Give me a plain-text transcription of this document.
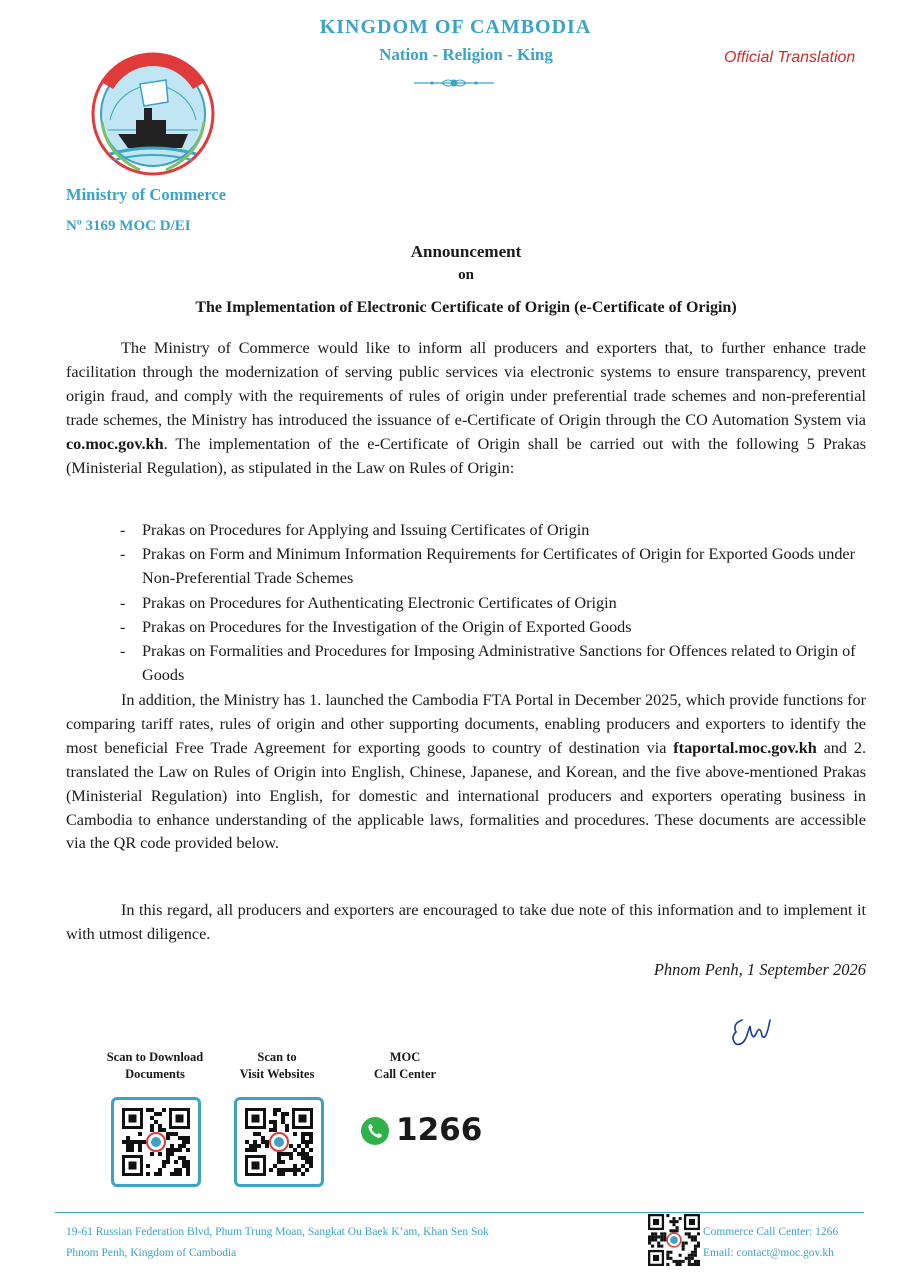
KINGDOM OF CAMBODIA
Nation - Religion - King	Official Translation
Ministry of Commerce
Nº 3169 MOC D/EI
Announcement
on
The Implementation of Electronic Certificate of Origin (e-Certificate of Origin)
The Ministry of Commerce would like to inform all producers and exporters that, to further enhance trade facilitation through the modernization of serving public services via electronic systems to ensure transparency, prevent origin fraud, and comply with the requirements of rules of origin under preferential trade schemes and non-preferential trade schemes, the Ministry has introduced the issuance of e-Certificate of Origin through the CO Automation System via co.moc.gov.kh. The implementation of the e-Certificate of Origin shall be carried out with the following 5 Prakas (Ministerial Regulation), as stipulated in the Law on Rules of Origin:
- Prakas on Procedures for Applying and Issuing Certificates of Origin
- Prakas on Form and Minimum Information Requirements for Certificates of Origin for Exported Goods under Non-Preferential Trade Schemes
- Prakas on Procedures for Authenticating Electronic Certificates of Origin
- Prakas on Procedures for the Investigation of the Origin of Exported Goods
- Prakas on Formalities and Procedures for Imposing Administrative Sanctions for Offences related to Origin of Goods
In addition, the Ministry has 1. launched the Cambodia FTA Portal in December 2025, which provide functions for comparing tariff rates, rules of origin and other supporting documents, enabling producers and exporters to identify the most beneficial Free Trade Agreement for exporting goods to country of destination via ftaportal.moc.gov.kh and 2. translated the Law on Rules of Origin into English, Chinese, Japanese, and Korean, and the five above-mentioned Prakas (Ministerial Regulation) into English, for domestic and international producers and exporters operating business in Cambodia to enhance understanding of the applicable laws, formalities and procedures. These documents are accessible via the QR code provided below.
In this regard, all producers and exporters are encouraged to take due note of this information and to implement it with utmost diligence.
Phnom Penh, 1 September 2026
Scan to Download
Documents
Scan to
Visit Websites
MOC
Call Center
1266
19-61 Russian Federation Blvd, Phum Trung Moan, Sangkat Ou Baek K’am, Khan Sen Sok
Phnom Penh, Kingdom of Cambodia
Commerce Call Center: 1266
Email: contact@moc.gov.kh
